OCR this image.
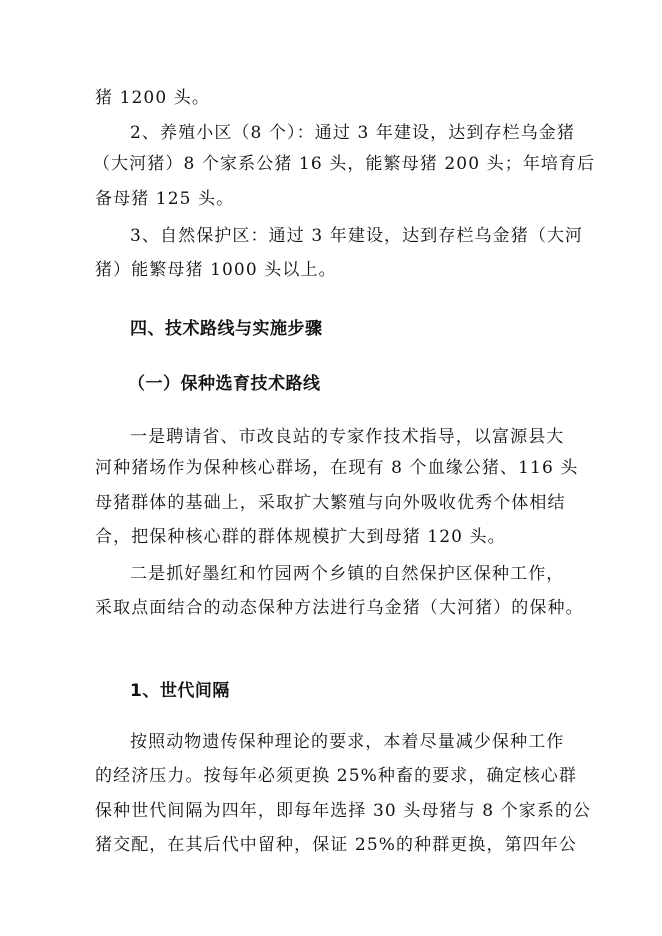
猪 1200 头。
2、养殖小区（8 个）：通过 3 年建设，达到存栏乌金猪
（大河猪）8 个家系公猪 16 头，能繁母猪 200 头；年培育后
备母猪 125 头。
3、自然保护区：通过 3 年建设，达到存栏乌金猪（大河
猪）能繁母猪 1000 头以上。
四、技术路线与实施步骤
（一）保种选育技术路线
一是聘请省、市改良站的专家作技术指导，以富源县大
河种猪场作为保种核心群场，在现有 8 个血缘公猪、116 头
母猪群体的基础上，采取扩大繁殖与向外吸收优秀个体相结
合，把保种核心群的群体规模扩大到母猪 120 头。
二是抓好墨红和竹园两个乡镇的自然保护区保种工作，
采取点面结合的动态保种方法进行乌金猪（大河猪）的保种。
1、世代间隔
按照动物遗传保种理论的要求，本着尽量减少保种工作
的经济压力。按每年必须更换 25%种畜的要求，确定核心群
保种世代间隔为四年，即每年选择 30 头母猪与 8 个家系的公
猪交配，在其后代中留种，保证 25%的种群更换，第四年公
